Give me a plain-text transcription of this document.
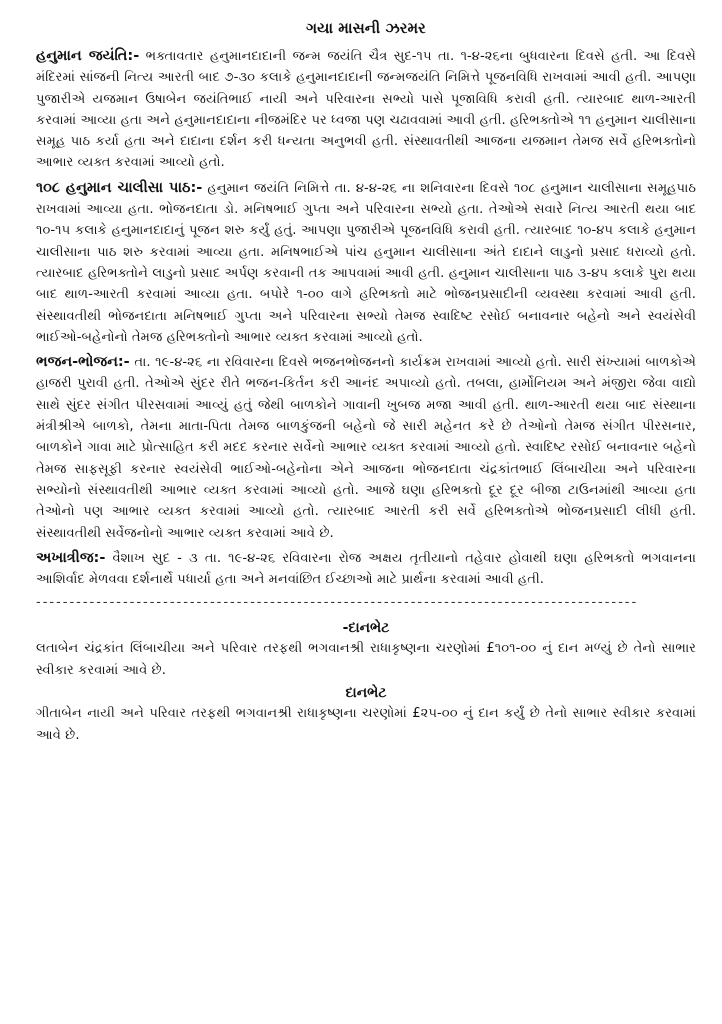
ગયા માસની ઝરમર

હનુમાન જયંતિ:- ભક્તાવતાર હનુમાનદાદાની જન્મ જયંતિ ચૈત્ર સુદ-૧૫ તા. ૧-૪-૨૬ના બુધવારના દિવસે હતી. આ દિવસે મંદિરમાં સાંજની નિત્ય આરતી બાદ ૭-૩૦ કલાકે હનુમાનદાદાની જન્મજયંતિ નિમિત્તે પૂજનવિધિ રાખવામાં આવી હતી. આપણા પુજારીએ યજમાન ઉષાબેન જયંતિભાઈ નાયી અને પરિવારના સભ્યો પાસે પૂજાવિધિ કરાવી હતી. ત્યારબાદ થાળ-આરતી કરવામાં આવ્યા હતા અને હનુમાનદાદાના નીજમંદિર પર ધ્વજા પણ ચઢાવવામાં આવી હતી. હરિભક્તોએ ૧૧ હનુમાન ચાલીસાના સમૂહ પાઠ કર્યા હતા અને દાદાના દર્શન કરી ધન્યતા અનુભવી હતી. સંસ્થાવતીથી આજના યજમાન તેમજ સર્વે હરિભક્તોનો આભાર વ્યક્ત કરવામાં આવ્યો હતો.

૧૦૮ હનુમાન ચાલીસા પાઠ:- હનુમાન જયંતિ નિમિત્તે તા. ૪-૪-૨૬ ના શનિવારના દિવસે ૧૦૮ હનુમાન ચાલીસાના સમૂહપાઠ રાખવામાં આવ્યા હતા. ભોજનદાતા ડો. મનિષભાઈ ગુપ્તા અને પરિવારના સભ્યો હતા. તેઓએ સવારે નિત્ય આરતી થયા બાદ ૧૦-૧૫ કલાકે હનુમાનદાદાનું પૂજન શરુ કર્યું હતું. આપણા પુજારીએ પૂજનવિધિ કરાવી હતી. ત્યારબાદ ૧૦-૪૫ કલાકે હનુમાન ચાલીસાના પાઠ શરુ કરવામાં આવ્યા હતા. મનિષભાઈએ પાંચ હનુમાન ચાલીસાના અંતે દાદાને લાડુનો પ્રસાદ ધરાવ્યો હતો. ત્યારબાદ હરિભક્તોને લાડુનો પ્રસાદ અર્પણ કરવાની તક આપવામાં આવી હતી. હનુમાન ચાલીસાના પાઠ ૩-૪૫ કલાકે પુરા થયા બાદ થાળ-આરતી કરવામાં આવ્યા હતા. બપોરે ૧-૦૦ વાગે હરિભક્તો માટે ભોજનપ્રસાદીની વ્યવસ્થા કરવામાં આવી હતી. સંસ્થાવતીથી ભોજનદાતા મનિષભાઈ ગુપ્તા અને પરિવારના સભ્યો તેમજ સ્વાદિષ્ટ રસોઈ બનાવનાર બહેનો અને સ્વયંસેવી ભાઈઓ-બહેનોનો તેમજ હરિભક્તોનો આભાર વ્યક્ત કરવામાં આવ્યો હતો.

ભજન-ભોજન:- તા. ૧૯-૪-૨૬ ના રવિવારના દિવસે ભજનભોજનનો કાર્યક્રમ રાખવામાં આવ્યો હતો. સારી સંખ્યામાં બાળકોએ હાજરી પુરાવી હતી. તેઓએ સુંદર રીતે ભજન-કિર્તન કરી આનંદ અપાવ્યો હતો. તબલા, હાર્મોનિયમ અને મંજીરા જેવા વાદ્યો સાથે સુંદર સંગીત પીરસવામાં આવ્યું હતું જેથી બાળકોને ગાવાની ખુબજ મજા આવી હતી. થાળ-આરતી થયા બાદ સંસ્થાના મંત્રીશ્રીએ બાળકો, તેમના માતા-પિતા તેમજ બાળકુંજની બહેનો જે સારી મહેનત કરે છે તેઓનો તેમજ સંગીત પીરસનાર, બાળકોને ગાવા માટે પ્રોત્સાહિત કરી મદદ કરનાર સર્વેનો આભાર વ્યક્ત કરવામાં આવ્યો હતો. સ્વાદિષ્ટ રસોઈ બનાવનાર બહેનો તેમજ સાફસૂફી કરનાર સ્વયંસેવી ભાઈઓ-બહેનોના એને આજના ભોજનદાતા ચંદ્રકાંતભાઈ લિંબાચીયા અને પરિવારના સભ્યોનો સંસ્થાવતીથી આભાર વ્યક્ત કરવામાં આવ્યો હતો. આજે ઘણા હરિભક્તો દૂર દૂર બીજા ટાઉનમાંથી આવ્યા હતા તેઓનો પણ આભાર વ્યક્ત કરવામાં આવ્યો હતો. ત્યારબાદ આરતી કરી સર્વે હરિભક્તોએ ભોજનપ્રસાદી લીધી હતી. સંસ્થાવતીથી સર્વેજનોનો આભાર વ્યક્ત કરવામાં આવે છે.

અખાત્રીજ:- વૈશાખ સુદ - ૩ તા. ૧૯-૪-૨૬ રવિવારના રોજ અક્ષય તૃતીયાનો તહેવાર હોવાથી ઘણા હરિભક્તો ભગવાનના આશિર્વાદ મેળવવા દર્શનાર્થે પધાર્યા હતા અને મનવાંછિત ઈચ્છાઓ માટે પ્રાર્થના કરવામાં આવી હતી.

------------------------------------------------------------------------------------------
-દાનભેટ

લતાબેન ચંદ્રકાંત લિંબાચીયા અને પરિવાર તરફથી ભગવાનશ્રી રાધાકૃષ્ણના ચરણોમાં £૧૦૧-૦૦ નું દાન મળ્યું છે તેનો સાભાર સ્વીકાર કરવામાં આવે છે.

દાનભેટ

ગીતાબેન નાયી અને પરિવાર તરફથી ભગવાનશ્રી રાધાકૃષ્ણના ચરણોમાં £૨૫-૦૦ નું દાન કર્યું છે તેનો સાભાર સ્વીકાર કરવામાં આવે છે.
